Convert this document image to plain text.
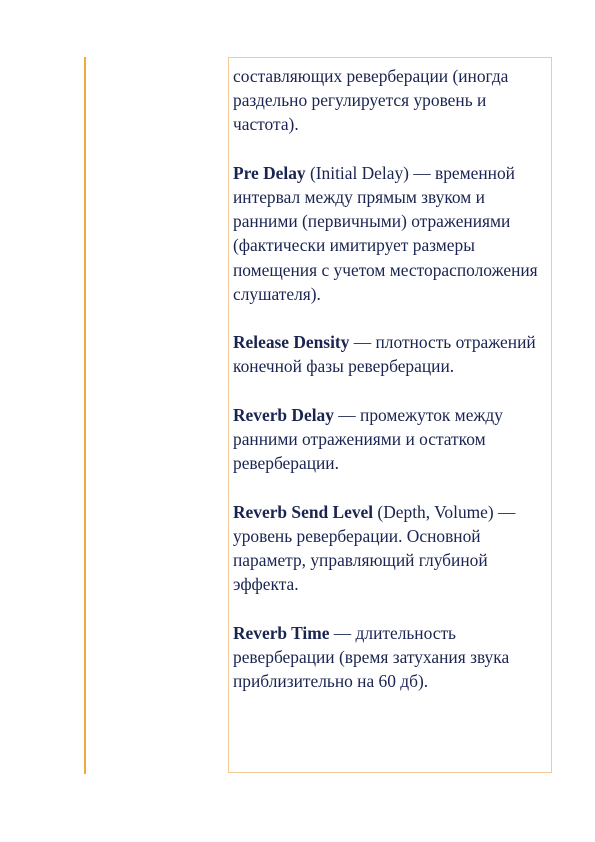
составляющих реверберации (иногда раздельно регулируется уровень и частота).

Pre Delay (Initial Delay) — временной интервал между прямым звуком и ранними (первичными) отражениями (фактически имитирует размеры помещения с учетом месторасположения слушателя).

Release Density — плотность отражений конечной фазы реверберации.

Reverb Delay — промежуток между ранними отражениями и остатком реверберации.

Reverb Send Level (Depth, Volume) — уровень реверберации. Основной параметр, управляющий глубиной эффекта.

Reverb Time — длительность реверберации (время затухания звука приблизительно на 60 дб).
